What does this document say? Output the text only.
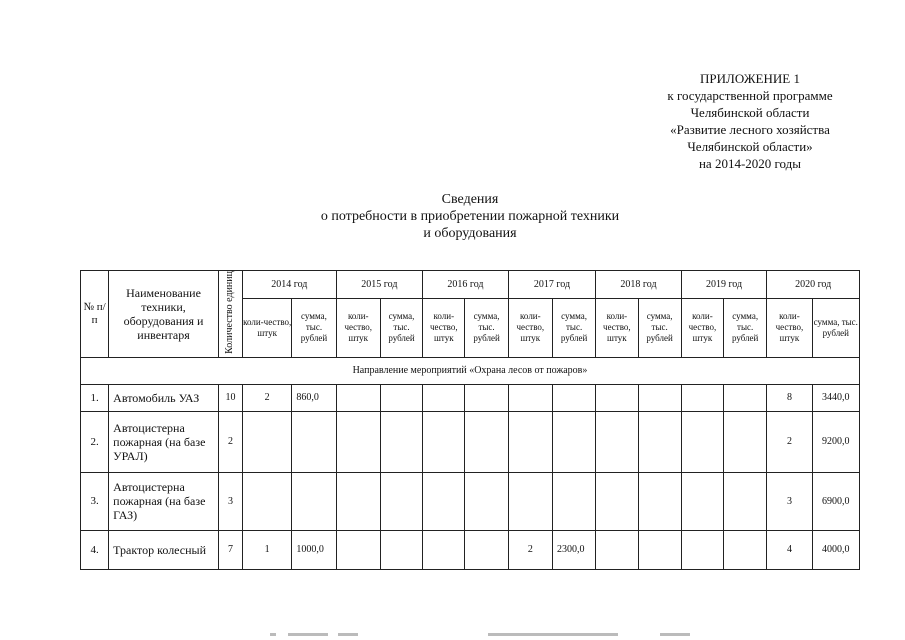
ПРИЛОЖЕНИЕ 1
к государственной программе
Челябинской области
«Развитие лесного хозяйства
Челябинской области»
на 2014-2020 годы
Сведения
о потребности в приобретении пожарной техники
и оборудования
№ п/п	Наименование техники, оборудования и инвентаря	Количество единиц	2014 год		2015 год		2016 год		2017 год		2018 год		2019 год		2020 год	
			коли-чество, штук	сумма, тыс. рублей	коли-чество, штук	сумма, тыс. рублей	коли-чество, штук	сумма, тыс. рублей	коли-чество, штук	сумма, тыс. рублей	коли-чество, штук	сумма, тыс. рублей	коли-чество, штук	сумма, тыс. рублей	коли-чество, штук	сумма, тыс. рублей
Направление мероприятий «Охрана лесов от пожаров»																
1.	Автомобиль УАЗ	10	2	860,0											8	3440,0
2.	Автоцистерна пожарная (на базе УРАЛ)	2													2	9200,0
3.	Автоцистерна пожарная (на базе ГАЗ)	3													3	6900,0
4.	Трактор колесный	7	1	1000,0					2	2300,0					4	4000,0
